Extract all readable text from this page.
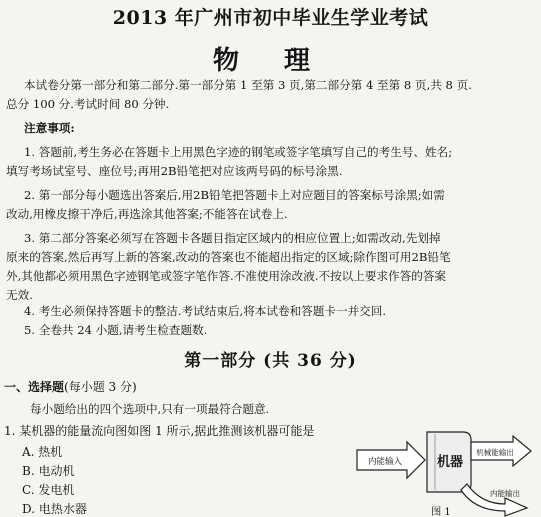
2013 年广州市初中毕业生学业考试
物 理
本试卷分第一部分和第二部分.第一部分第 1 至第 3 页,第二部分第 4 至第 8 页,共 8 页.
总分 100 分.考试时间 80 分钟.
注意事项:
1. 答题前,考生务必在答题卡上用黑色字迹的钢笔或签字笔填写自己的考生号、姓名;
填写考场试室号、座位号;再用2B铅笔把对应该两号码的标号涂黑.
2. 第一部分每小题选出答案后,用2B铅笔把答题卡上对应题目的答案标号涂黑;如需
改动,用橡皮擦干净后,再选涂其他答案;不能答在试卷上.
3. 第二部分答案必须写在答题卡各题目指定区域内的相应位置上;如需改动,先划掉
原来的答案,然后再写上新的答案,改动的答案也不能超出指定的区域;除作图可用2B铅笔
外,其他都必须用黑色字迹钢笔或签字笔作答.不准使用涂改液.不按以上要求作答的答案
无效.
4. 考生必须保持答题卡的整洁.考试结束后,将本试卷和答题卡一并交回.
5. 全卷共 24 小题,请考生检查题数.
第一部分 (共 36 分)
一、选择题(每小题 3 分)
每小题给出的四个选项中,只有一项最符合题意.
1. 某机器的能量流向图如图 1 所示,据此推测该机器可能是
A. 热机
B. 电动机
C. 发电机
D. 电热水器
内能输入	机器
机械能输出
内能输出
图 1
